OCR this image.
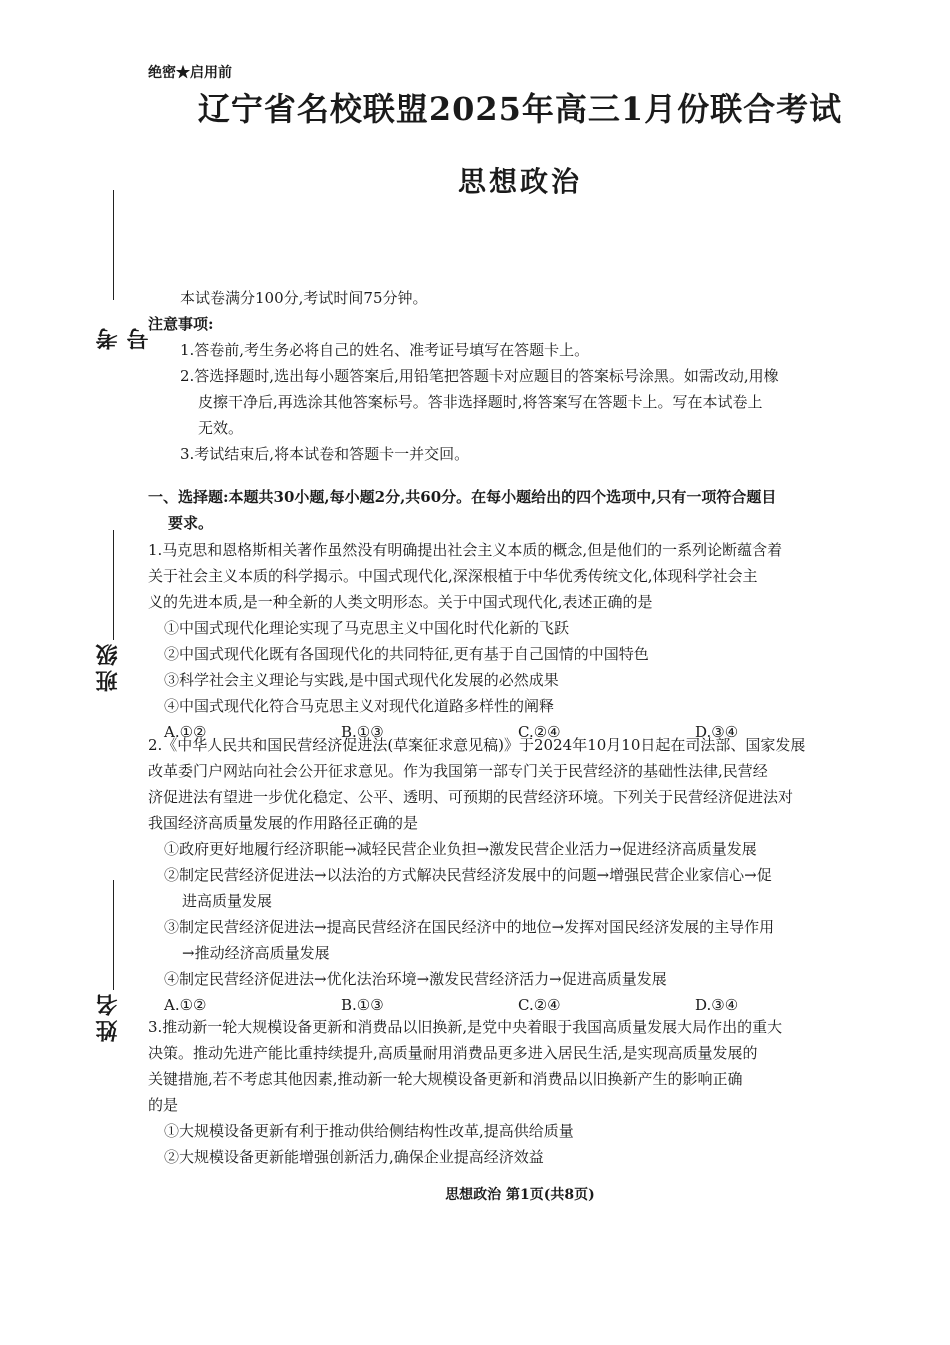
绝密★启用前
辽宁省名校联盟2025年高三1月份联合考试
思想政治
考号
班级
姓名
本试卷满分100分,考试时间75分钟。
注意事项:
1.答卷前,考生务必将自己的姓名、准考证号填写在答题卡上。
2.答选择题时,选出每小题答案后,用铅笔把答题卡对应题目的答案标号涂黑。如需改动,用橡
皮擦干净后,再选涂其他答案标号。答非选择题时,将答案写在答题卡上。写在本试卷上
无效。
3.考试结束后,将本试卷和答题卡一并交回。
一、选择题:本题共30小题,每小题2分,共60分。在每小题给出的四个选项中,只有一项符合题目
要求。

1.马克思和恩格斯相关著作虽然没有明确提出社会主义本质的概念,但是他们的一系列论断蕴含着

关于社会主义本质的科学揭示。中国式现代化,深深根植于中华优秀传统文化,体现科学社会主

义的先进本质,是一种全新的人类文明形态。关于中国式现代化,表述正确的是

①中国式现代化理论实现了马克思主义中国化时代化新的飞跃

②中国式现代化既有各国现代化的共同特征,更有基于自己国情的中国特色

③科学社会主义理论与实践,是中国式现代化发展的必然成果

④中国式现代化符合马克思主义对现代化道路多样性的阐释

A.①②	B.①③	C.②④	D.③④

2.《中华人民共和国民营经济促进法(草案征求意见稿)》于2024年10月10日起在司法部、国家发展

改革委门户网站向社会公开征求意见。作为我国第一部专门关于民营经济的基础性法律,民营经

济促进法有望进一步优化稳定、公平、透明、可预期的民营经济环境。下列关于民营经济促进法对

我国经济高质量发展的作用路径正确的是

①政府更好地履行经济职能→减轻民营企业负担→激发民营企业活力→促进经济高质量发展

②制定民营经济促进法→以法治的方式解决民营经济发展中的问题→增强民营企业家信心→促

进高质量发展

③制定民营经济促进法→提高民营经济在国民经济中的地位→发挥对国民经济发展的主导作用

→推动经济高质量发展

④制定民营经济促进法→优化法治环境→激发民营经济活力→促进高质量发展

A.①②	B.①③	C.②④	D.③④

3.推动新一轮大规模设备更新和消费品以旧换新,是党中央着眼于我国高质量发展大局作出的重大

决策。推动先进产能比重持续提升,高质量耐用消费品更多进入居民生活,是实现高质量发展的

关键措施,若不考虑其他因素,推动新一轮大规模设备更新和消费品以旧换新产生的影响正确

的是

①大规模设备更新有利于推动供给侧结构性改革,提高供给质量

②大规模设备更新能增强创新活力,确保企业提高经济效益

思想政治 第1页(共8页)
